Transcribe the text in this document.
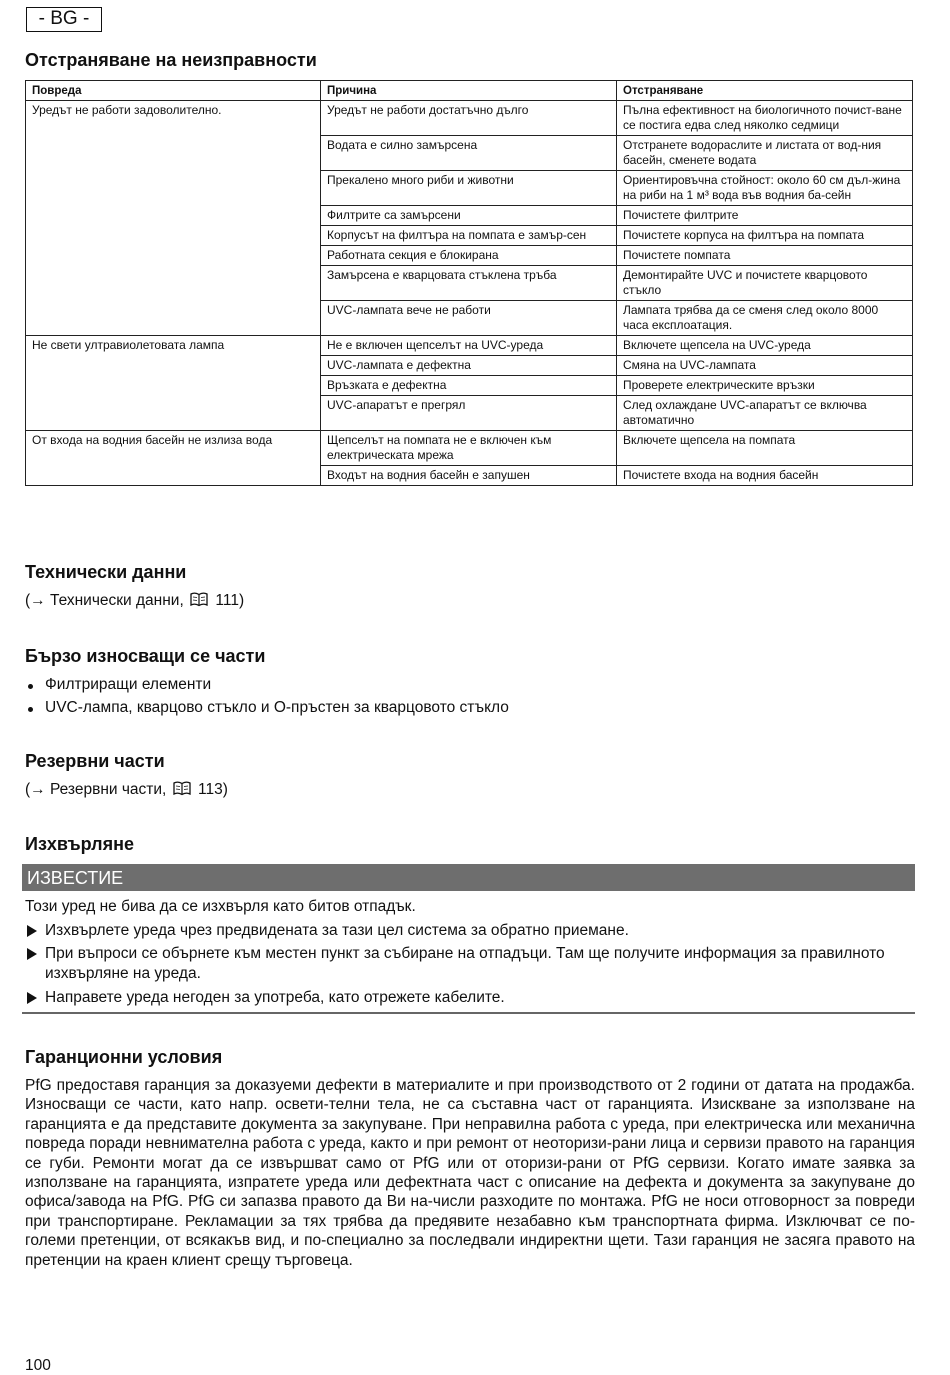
- BG -
Отстраняване на неизправности
Повреда	Причина	Отстраняване
Уредът не работи задоволително.	Уредът не работи достатъчно дълго	Пълна ефективност на биологичното почист-ване се постига едва след няколко седмици
	Водата е силно замърсена	Отстранете водораслите и листата от вод-ния басейн, сменете водата
	Прекалено много риби и животни	Ориентировъчна стойност: около 60 см дъл-жина на риби на 1 м³ вода във водния ба-сейн
	Филтрите са замърсени	Почистете филтрите
	Корпусът на филтъра на помпата е замър-сен	Почистете корпуса на филтъра на помпата
	Работната секция е блокирана	Почистете помпата
	Замърсена е кварцовата стъклена тръба	Демонтирайте UVC и почистете кварцовото стъкло
	UVC-лампата вече не работи	Лампата трябва да се сменя след около 8000 часа експлоатация.
Не свети ултравиолетовата лампа	Не е включен щепселът на UVC-уреда	Включете щепсела на UVC-уреда
	UVC-лампата е дефектна	Смяна на UVC-лампата
	Връзката е дефектна	Проверете електрическите връзки
	UVC-апаратът е прегрял	След охлаждане UVC-апаратът се включва автоматично
От входа на водния басейн не излиза вода	Щепселът на помпата не е включен към електрическата мрежа	Включете щепсела на помпата
	Входът на водния басейн е запушен	Почистете входа на водния басейн
Технически данни
(→ Технически данни, 111)
Бързо износващи се части
Филтриращи елементи
UVC-лампа, кварцово стъкло и О-пръстен за кварцовото стъкло
Резервни части
(→ Резервни части, 113)
Изхвърляне
ИЗВЕСТИЕ
Този уред не бива да се изхвърля като битов отпадък.
Изхвърлете уреда чрез предвидената за тази цел система за обратно приемане.
При въпроси се обърнете към местен пункт за събиране на отпадъци. Там ще получите информация за правилното изхвърляне на уреда.
Направете уреда негоден за употреба, като отрежете кабелите.
Гаранционни условия
PfG предоставя гаранция за доказуеми дефекти в материалите и при производството от 2 години от датата на продажба. Износващи се части, като напр. освети-телни тела, не са съставна част от гаранцията. Изискване за използване на гаранцията е да представите документа за закупуване. При неправилна работа с уреда, при електрическа или механична повреда поради невнимателна работа с уреда, както и при ремонт от неоторизи-рани лица и сервизи правото на гаранция се губи. Ремонти могат да се извършват само от PfG или от оторизи-рани от PfG сервизи. Когато имате заявка за използване на гаранцията, изпратете уреда или дефектната част с описание на дефекта и документа за закупуване до офиса/завода на PfG. PfG си запазва правото да Ви на-числи разходите по монтажа. PfG не носи отговорност за повреди при транспортиране. Рекламации за тях трябва да предявите незабавно към транспортната фирма. Изключват се по-големи претенции, от всякакъв вид, и по-специално за последвали индиректни щети. Тази гаранция не засяга правото на претенции на краен клиент срещу търговеца.
100
